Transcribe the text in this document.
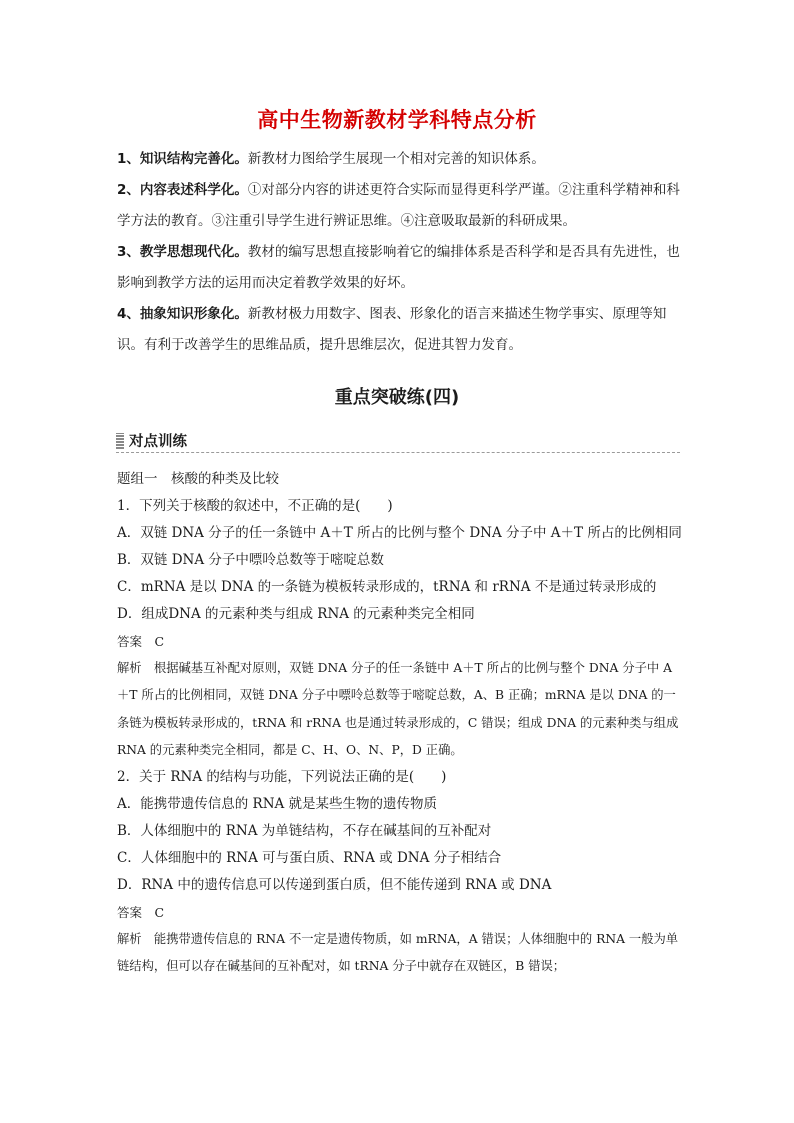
高中生物新教材学科特点分析

1、知识结构完善化。新教材力图给学生展现一个相对完善的知识体系。

2、内容表述科学化。①对部分内容的讲述更符合实际而显得更科学严谨。②注重科学精神和科学方法的教育。③注重引导学生进行辨证思维。④注意吸取最新的科研成果。

3、教学思想现代化。教材的编写思想直接影响着它的编排体系是否科学和是否具有先进性，也影响到教学方法的运用而决定着教学效果的好坏。

4、抽象知识形象化。新教材极力用数字、图表、形象化的语言来描述生物学事实、原理等知识。有利于改善学生的思维品质，提升思维层次，促进其智力发育。

重点突破练(四)
对点训练

题组一　核酸的种类及比较

1．下列关于核酸的叙述中，不正确的是(　　)

A．双链 DNA 分子的任一条链中 A＋T 所占的比例与整个 DNA 分子中 A＋T 所占的比例相同

B．双链 DNA 分子中嘌呤总数等于嘧啶总数

C．mRNA 是以 DNA 的一条链为模板转录形成的，tRNA 和 rRNA 不是通过转录形成的

D．组成DNA 的元素种类与组成 RNA 的元素种类完全相同

答案　C

解析　根据碱基互补配对原则，双链 DNA 分子的任一条链中 A＋T 所占的比例与整个 DNA 分子中 A＋T 所占的比例相同，双链 DNA 分子中嘌呤总数等于嘧啶总数，A、B 正确；mRNA 是以 DNA 的一条链为模板转录形成的，tRNA 和 rRNA 也是通过转录形成的，C 错误；组成 DNA 的元素种类与组成 RNA 的元素种类完全相同，都是 C、H、O、N、P，D 正确。

2．关于 RNA 的结构与功能，下列说法正确的是(　　)

A．能携带遗传信息的 RNA 就是某些生物的遗传物质

B．人体细胞中的 RNA 为单链结构，不存在碱基间的互补配对

C．人体细胞中的 RNA 可与蛋白质、RNA 或 DNA 分子相结合

D．RNA 中的遗传信息可以传递到蛋白质，但不能传递到 RNA 或 DNA

答案　C

解析　能携带遗传信息的 RNA 不一定是遗传物质，如 mRNA，A 错误；人体细胞中的 RNA 一般为单链结构，但可以存在碱基间的互补配对，如 tRNA 分子中就存在双链区，B 错误；
